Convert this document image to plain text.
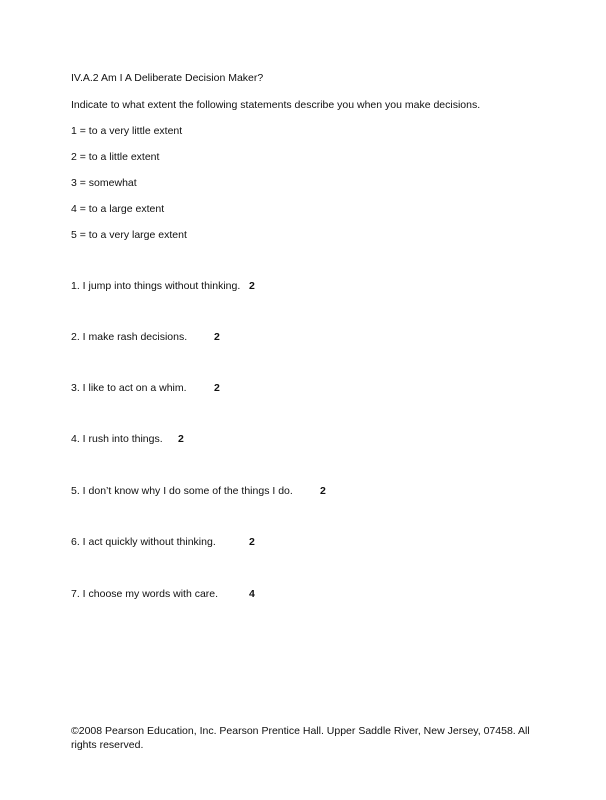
IV.A.2 Am I A Deliberate Decision Maker?
Indicate to what extent the following statements describe you when you make decisions.
1 = to a very little extent
2 = to a little extent
3 = somewhat
4 = to a large extent
5 = to a very large extent
1. I jump into things without thinking. 2
2. I make rash decisions.	2
3. I like to act on a whim.	2
4. I rush into things. 2
5. I don’t know why I do some of the things I do.	2
6. I act quickly without thinking.	2
7. I choose my words with care.	4
©2008 Pearson Education, Inc. Pearson Prentice Hall. Upper Saddle River, New Jersey, 07458. All rights reserved.
